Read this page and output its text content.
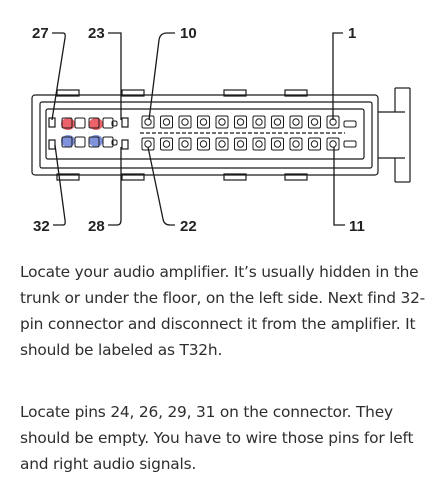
27	23	10	1
32	28	22	11

Locate your audio amplifier. It’s usually hidden in the trunk or under the floor, on the left side. Next find 32-pin connector and disconnect it from the amplifier. It should be labeled as T32h.

Locate pins 24, 26, 29, 31 on the connector. They should be empty. You have to wire those pins for left and right audio signals.
